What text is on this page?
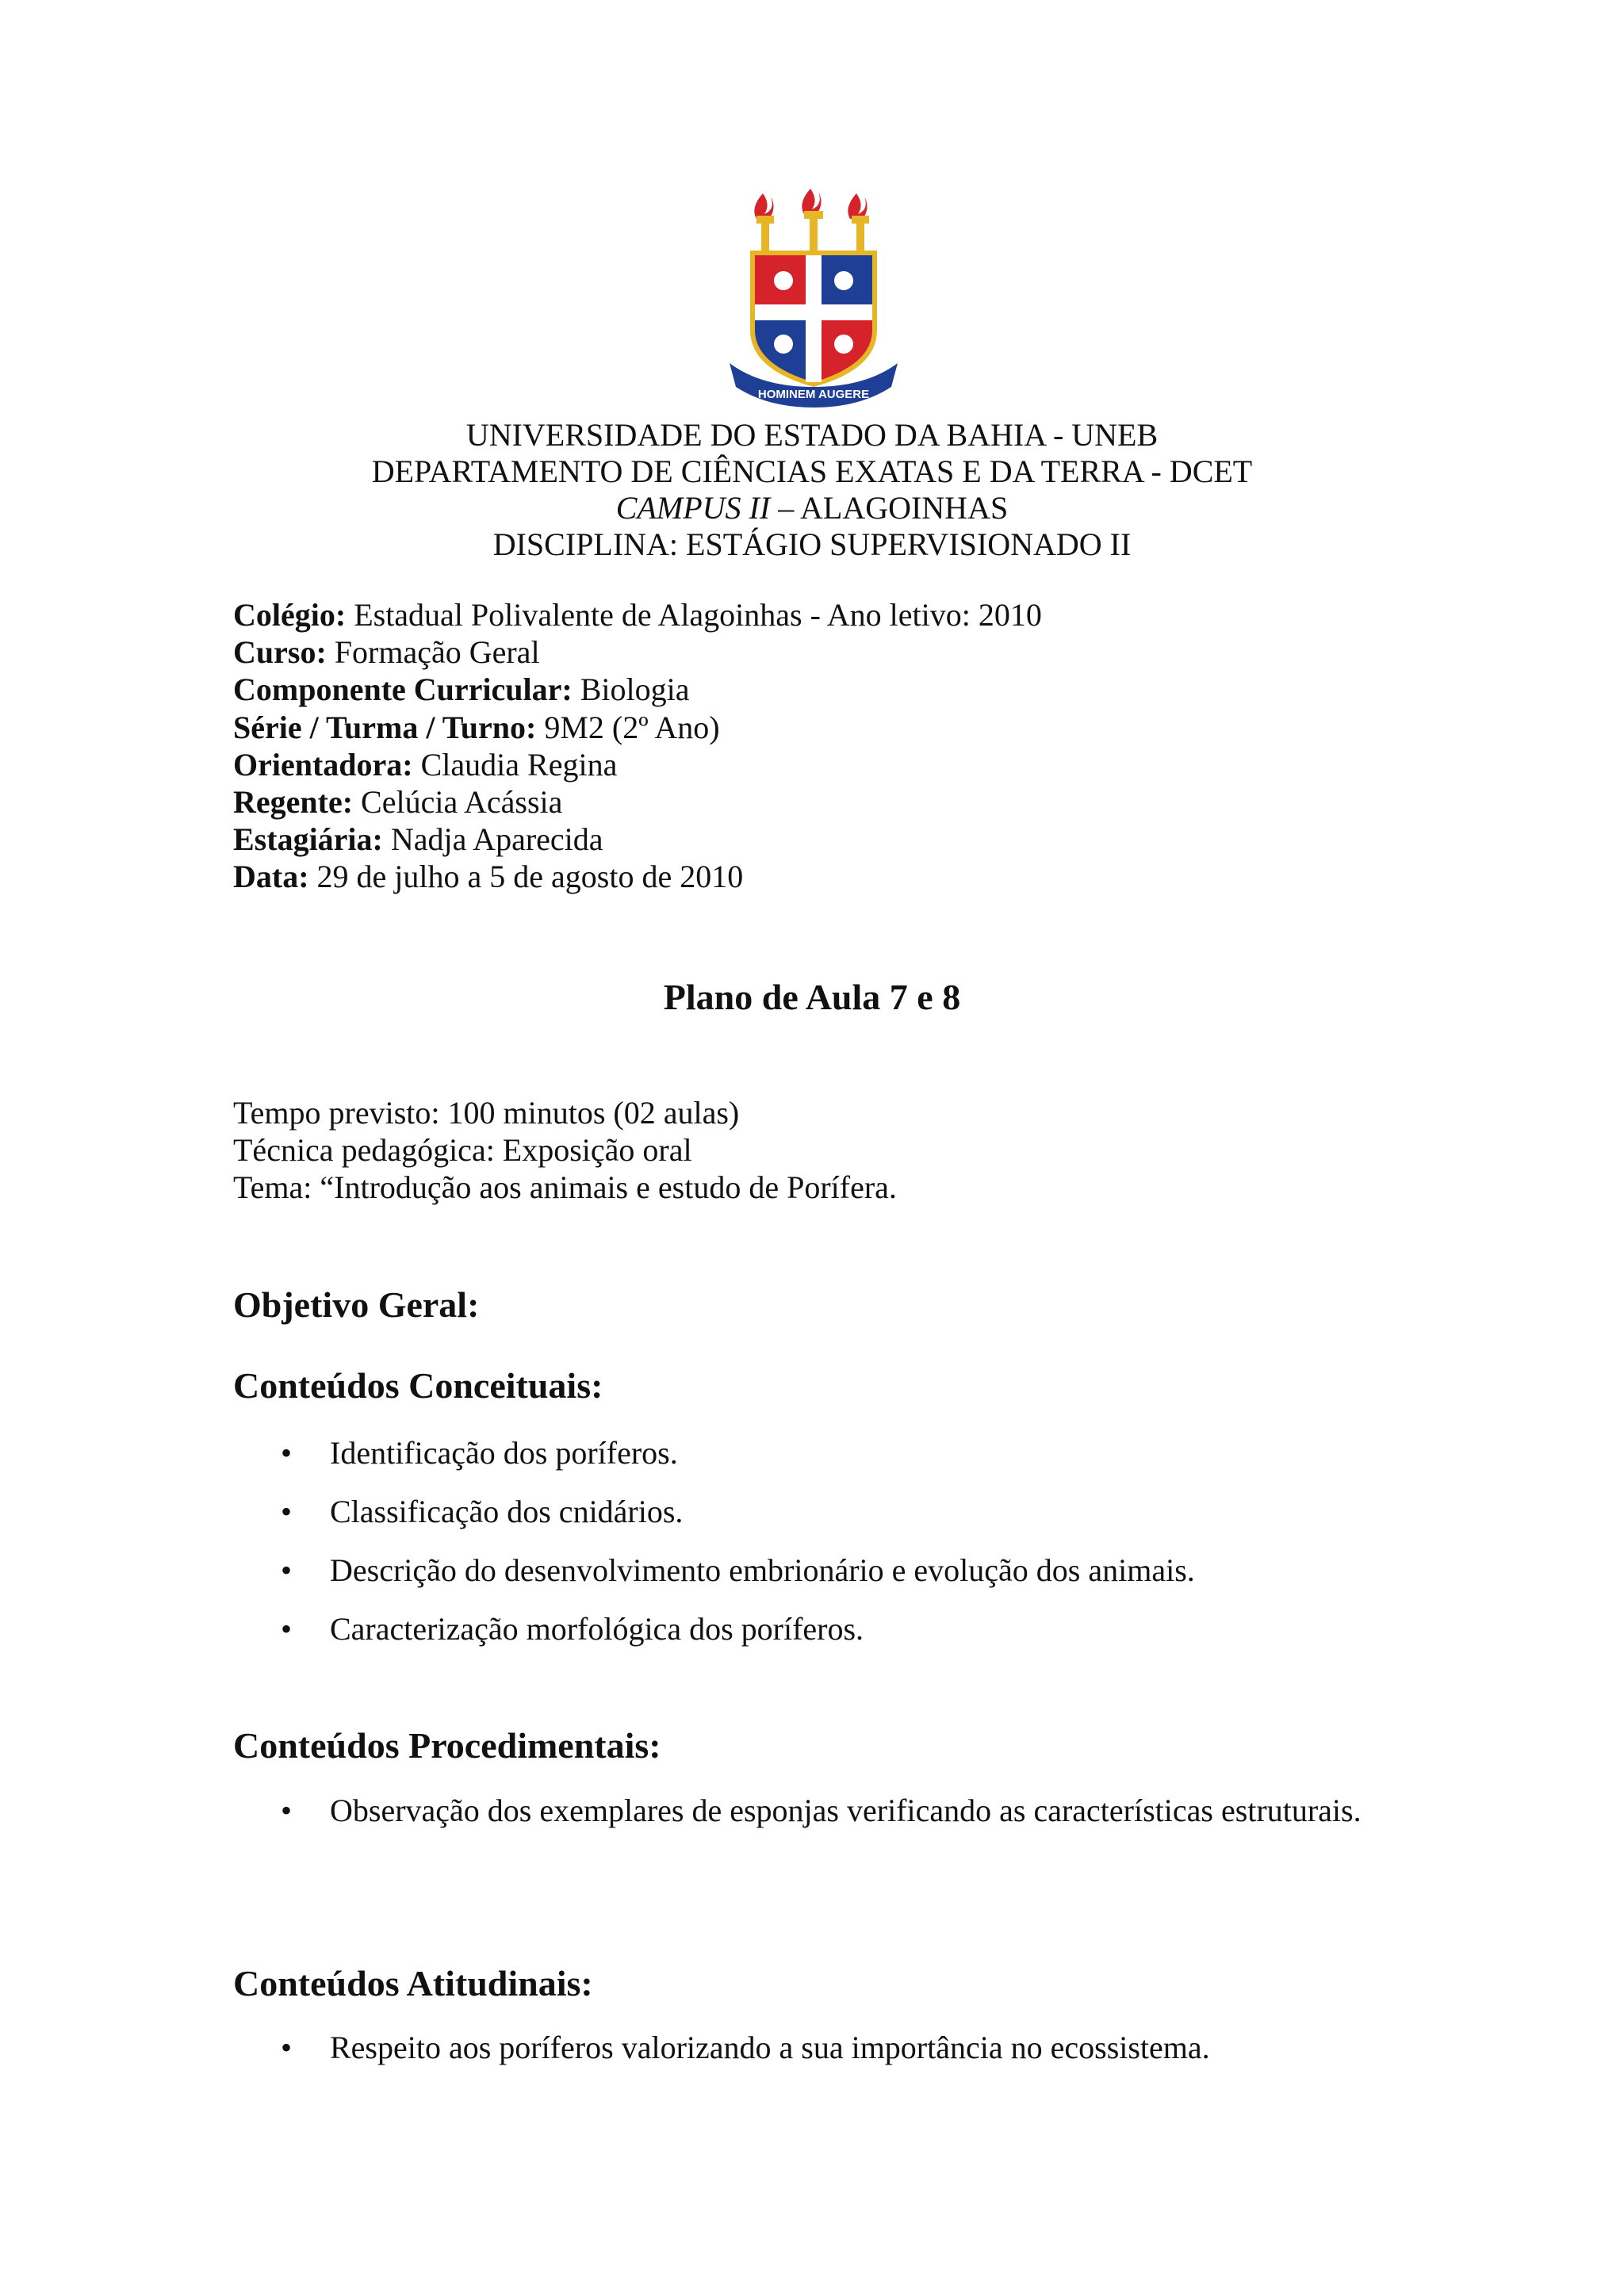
HOMINEM AUGERE
UNIVERSIDADE DO ESTADO DA BAHIA - UNEB
DEPARTAMENTO DE CIÊNCIAS EXATAS E DA TERRA - DCET
CAMPUS II – ALAGOINHAS
DISCIPLINA: ESTÁGIO SUPERVISIONADO II
Colégio: Estadual Polivalente de Alagoinhas - Ano letivo: 2010
Curso: Formação Geral
Componente Curricular: Biologia
Série / Turma / Turno: 9M2 (2º Ano)
Orientadora: Claudia Regina
Regente: Celúcia Acássia
Estagiária: Nadja Aparecida
Data: 29 de julho a 5 de agosto de 2010
Plano de Aula 7 e 8
Tempo previsto: 100 minutos (02 aulas)
Técnica pedagógica: Exposição oral
Tema: “Introdução aos animais e estudo de Porífera.
Objetivo Geral:
Conteúdos Conceituais:
• Identificação dos poríferos.
• Classificação dos cnidários.
• Descrição do desenvolvimento embrionário e evolução dos animais.
• Caracterização morfológica dos poríferos.
Conteúdos Procedimentais:
• Observação dos exemplares de esponjas verificando as características estruturais.
Conteúdos Atitudinais:
• Respeito aos poríferos valorizando a sua importância no ecossistema.
